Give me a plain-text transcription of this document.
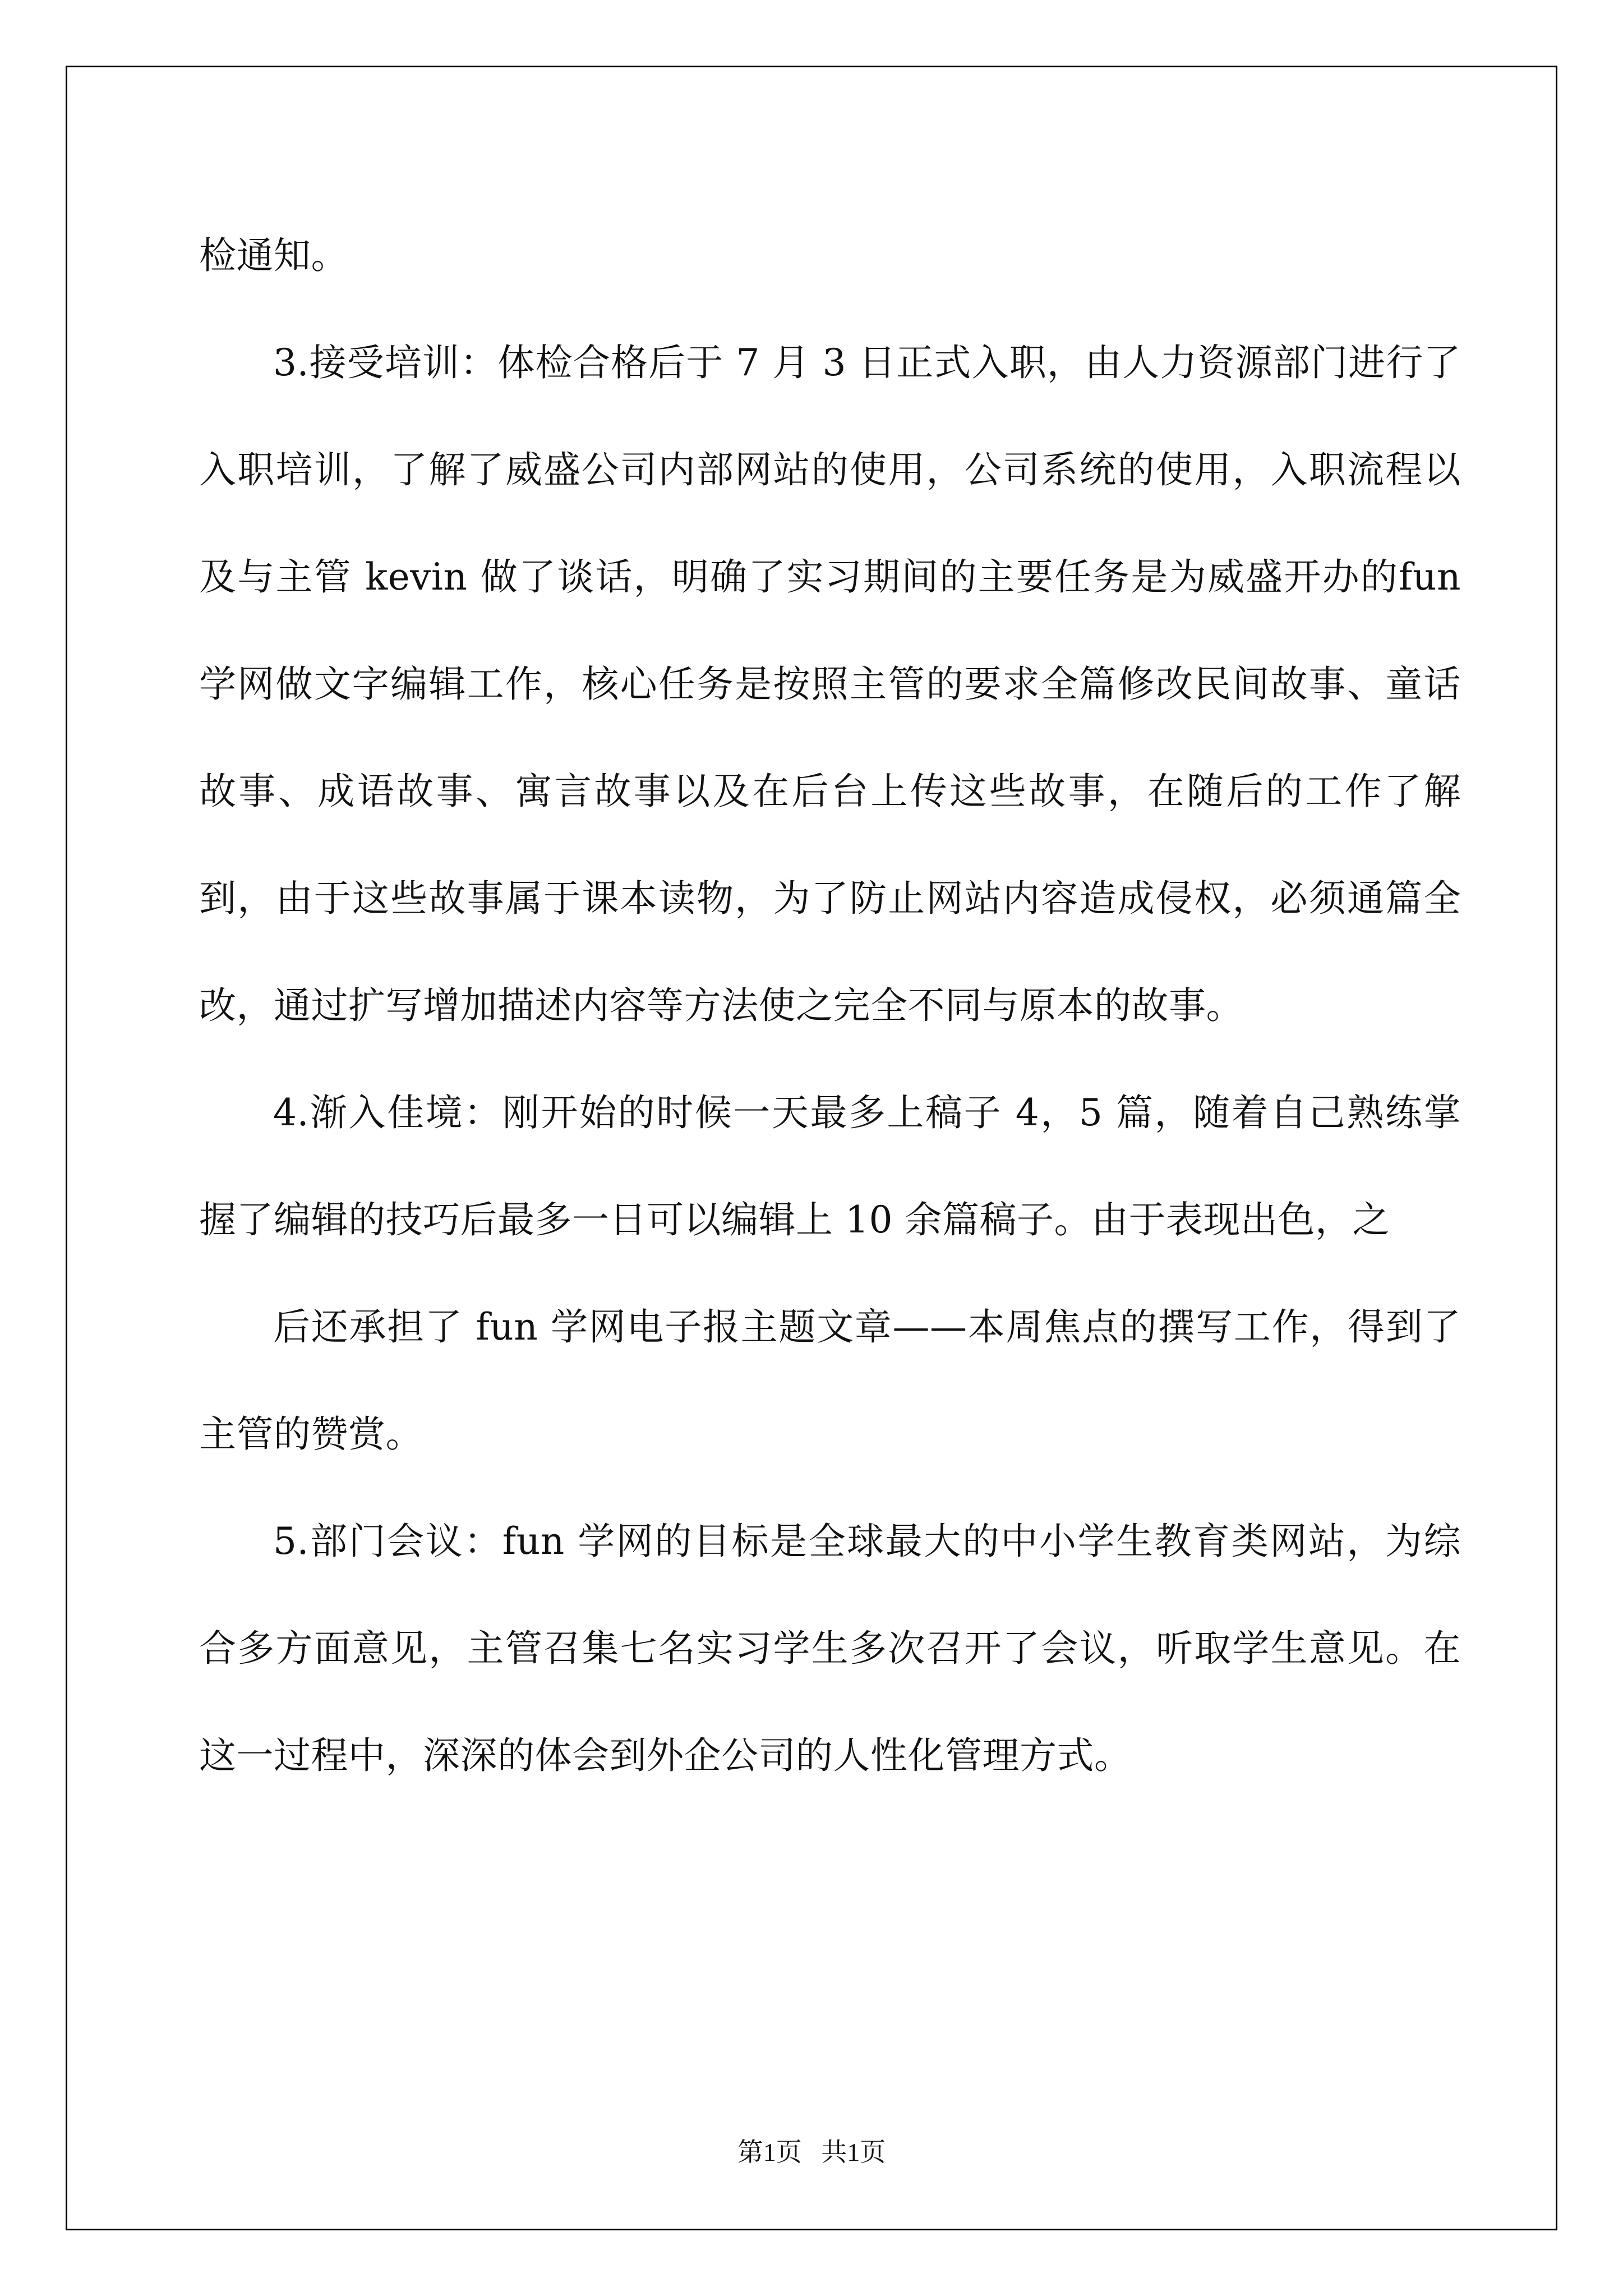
检通知。

3.接受培训：体检合格后于 7 月 3 日正式入职，由人力资源部门进行了入职培训，了解了威盛公司内部网站的使用，公司系统的使用，入职流程以及与主管 kevin 做了谈话，明确了实习期间的主要任务是为威盛开办的fun 学网做文字编辑工作，核心任务是按照主管的要求全篇修改民间故事、童话故事、成语故事、寓言故事以及在后台上传这些故事，在随后的工作了解到，由于这些故事属于课本读物，为了防止网站内容造成侵权，必须通篇全改，通过扩写增加描述内容等方法使之完全不同与原本的故事。

4.渐入佳境：刚开始的时候一天最多上稿子 4，5 篇，随着自己熟练掌握了编辑的技巧后最多一日可以编辑上 10 余篇稿子。由于表现出色，之

后还承担了 fun 学网电子报主题文章——本周焦点的撰写工作，得到了主管的赞赏。

5.部门会议：fun 学网的目标是全球最大的中小学生教育类网站，为综合多方面意见，主管召集七名实习学生多次召开了会议，听取学生意见。在这一过程中，深深的体会到外企公司的人性化管理方式。

第1页   共1页
